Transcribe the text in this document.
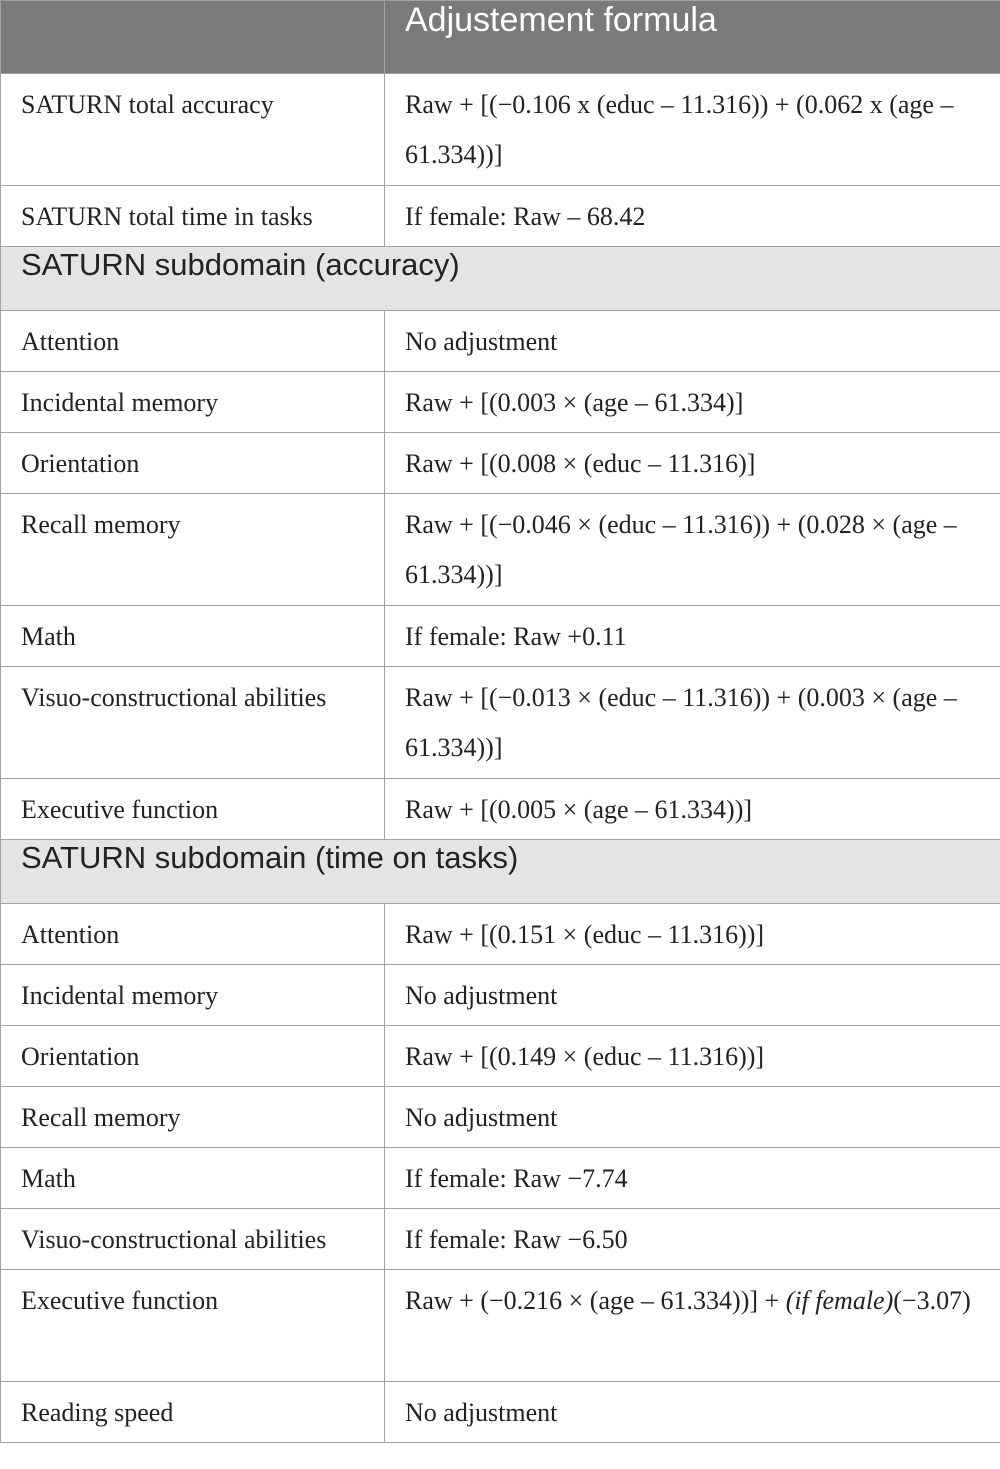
	Adjustement formula
SATURN total accuracy	Raw + [(−0.106 x (educ – 11.316)) + (0.062 x (age – 61.334))]
SATURN total time in tasks	If female: Raw – 68.42
SATURN subdomain (accuracy)	
Attention	No adjustment
Incidental memory	Raw + [(0.003 × (age – 61.334)]
Orientation	Raw + [(0.008 × (educ – 11.316)]
Recall memory	Raw + [(−0.046 × (educ – 11.316)) + (0.028 × (age – 61.334))]
Math	If female: Raw +0.11
Visuo-constructional abilities	Raw + [(−0.013 × (educ – 11.316)) + (0.003 × (age – 61.334))]
Executive function	Raw + [(0.005 × (age – 61.334))]
SATURN subdomain (time on tasks)	
Attention	Raw + [(0.151 × (educ – 11.316))]
Incidental memory	No adjustment
Orientation	Raw + [(0.149 × (educ – 11.316))]
Recall memory	No adjustment
Math	If female: Raw −7.74
Visuo-constructional abilities	If female: Raw −6.50
Executive function	Raw + (−0.216 × (age – 61.334))] + (if female)(−3.07)
Reading speed	No adjustment
